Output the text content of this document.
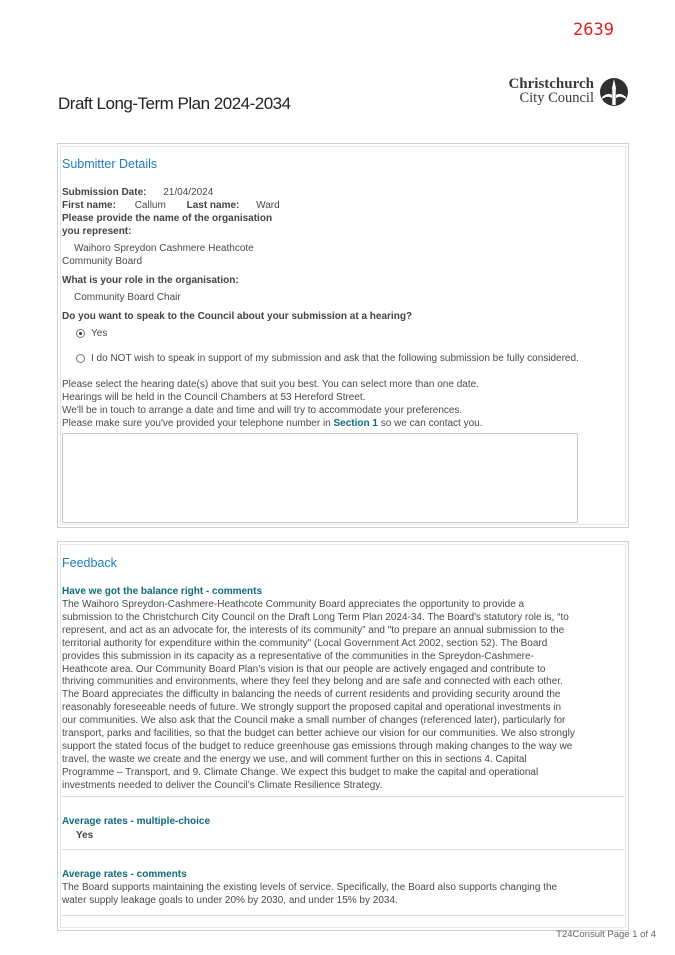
2639
Christchurch
City Council
Draft Long-Term Plan 2024-2034
Submitter Details
Submission Date: 21/04/2024
First name: Callum Last name: Ward
Please provide the name of the organisation
you represent:
Waihoro Spreydon Cashmere Heathcote
Community Board
What is your role in the organisation:
Community Board Chair
Do you want to speak to the Council about your submission at a hearing?
Yes
I do NOT wish to speak in support of my submission and ask that the following submission be fully considered.
Please select the hearing date(s) above that suit you best. You can select more than one date.
Hearings will be held in the Council Chambers at 53 Hereford Street.
We'll be in touch to arrange a date and time and will try to accommodate your preferences.
Please make sure you've provided your telephone number in Section 1 so we can contact you.
Feedback
Have we got the balance right - comments
The Waihoro Spreydon-Cashmere-Heathcote Community Board appreciates the opportunity to provide a
submission to the Christchurch City Council on the Draft Long Term Plan 2024-34. The Board's statutory role is, “to
represent, and act as an advocate for, the interests of its community” and "to prepare an annual submission to the
territorial authority for expenditure within the community" (Local Government Act 2002, section 52). The Board
provides this submission in its capacity as a representative of the communities in the Spreydon-Cashmere-
Heathcote area. Our Community Board Plan’s vision is that our people are actively engaged and contribute to
thriving communities and environments, where they feel they belong and are safe and connected with each other.
The Board appreciates the difficulty in balancing the needs of current residents and providing security around the
reasonably foreseeable needs of future. We strongly support the proposed capital and operational investments in
our communities. We also ask that the Council make a small number of changes (referenced later), particularly for
transport, parks and facilities, so that the budget can better achieve our vision for our communities. We also strongly
support the stated focus of the budget to reduce greenhouse gas emissions through making changes to the way we
travel, the waste we create and the energy we use, and will comment further on this in sections 4. Capital
Programme – Transport, and 9. Climate Change. We expect this budget to make the capital and operational
investments needed to deliver the Council’s Climate Resilience Strategy.
Average rates - multiple-choice
Yes
Average rates - comments
The Board supports maintaining the existing levels of service. Specifically, the Board also supports changing the
water supply leakage goals to under 20% by 2030, and under 15% by 2034.
T24Consult Page 1 of 4
